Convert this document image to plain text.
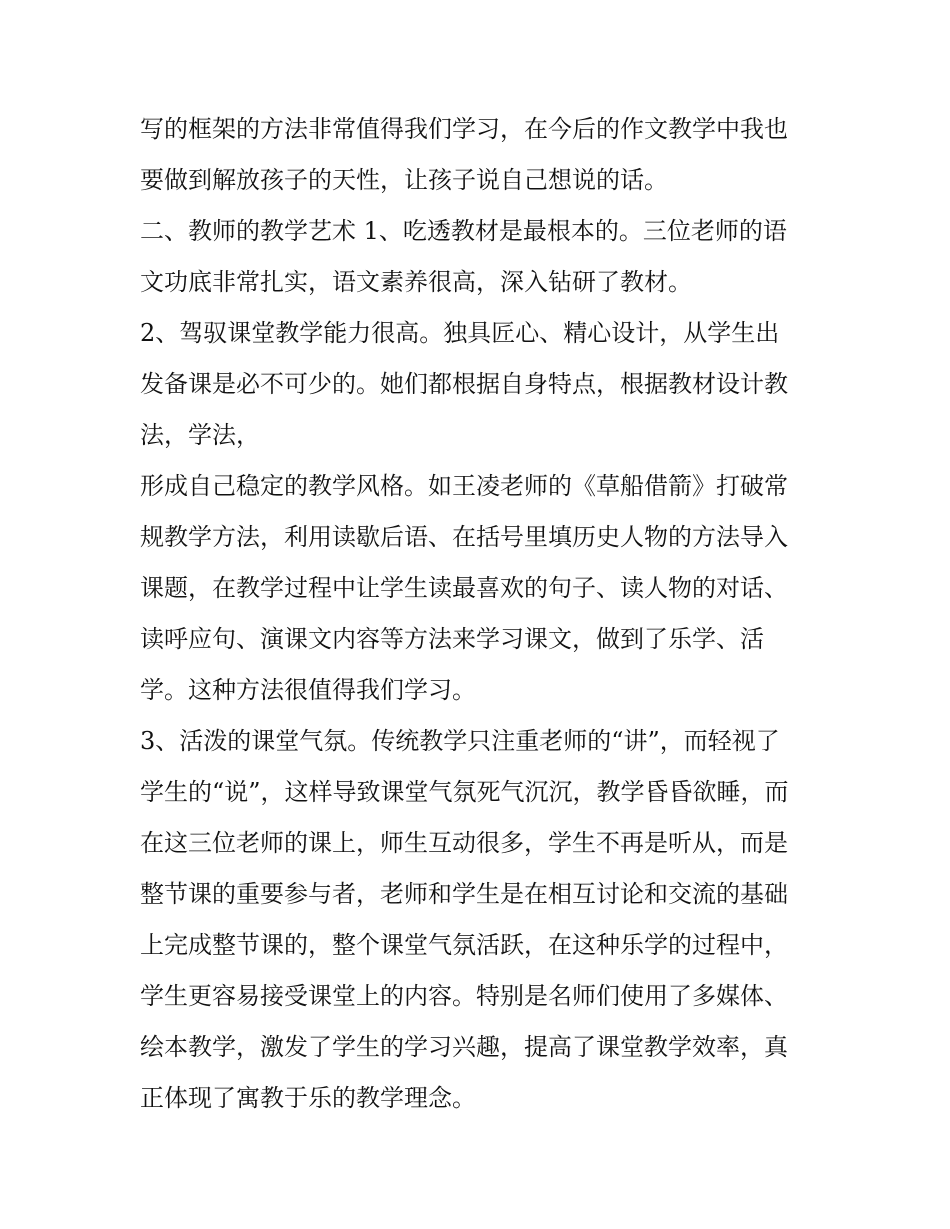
写的框架的方法非常值得我们学习，在今后的作文教学中我也
要做到解放孩子的天性，让孩子说自己想说的话。
二、教师的教学艺术 1、吃透教材是最根本的。三位老师的语
文功底非常扎实，语文素养很高，深入钻研了教材。
2、驾驭课堂教学能力很高。独具匠心、精心设计，从学生出
发备课是必不可少的。她们都根据自身特点，根据教材设计教
法，学法，
形成自己稳定的教学风格。如王凌老师的《草船借箭》打破常
规教学方法，利用读歇后语、在括号里填历史人物的方法导入
课题，在教学过程中让学生读最喜欢的句子、读人物的对话、
读呼应句、演课文内容等方法来学习课文，做到了乐学、活
学。这种方法很值得我们学习。
3、活泼的课堂气氛。传统教学只注重老师的“讲”，而轻视了
学生的“说”，这样导致课堂气氛死气沉沉，教学昏昏欲睡，而
在这三位老师的课上，师生互动很多，学生不再是听从，而是
整节课的重要参与者，老师和学生是在相互讨论和交流的基础
上完成整节课的，整个课堂气氛活跃，在这种乐学的过程中，
学生更容易接受课堂上的内容。特别是名师们使用了多媒体、
绘本教学，激发了学生的学习兴趣，提高了课堂教学效率，真
正体现了寓教于乐的教学理念。
